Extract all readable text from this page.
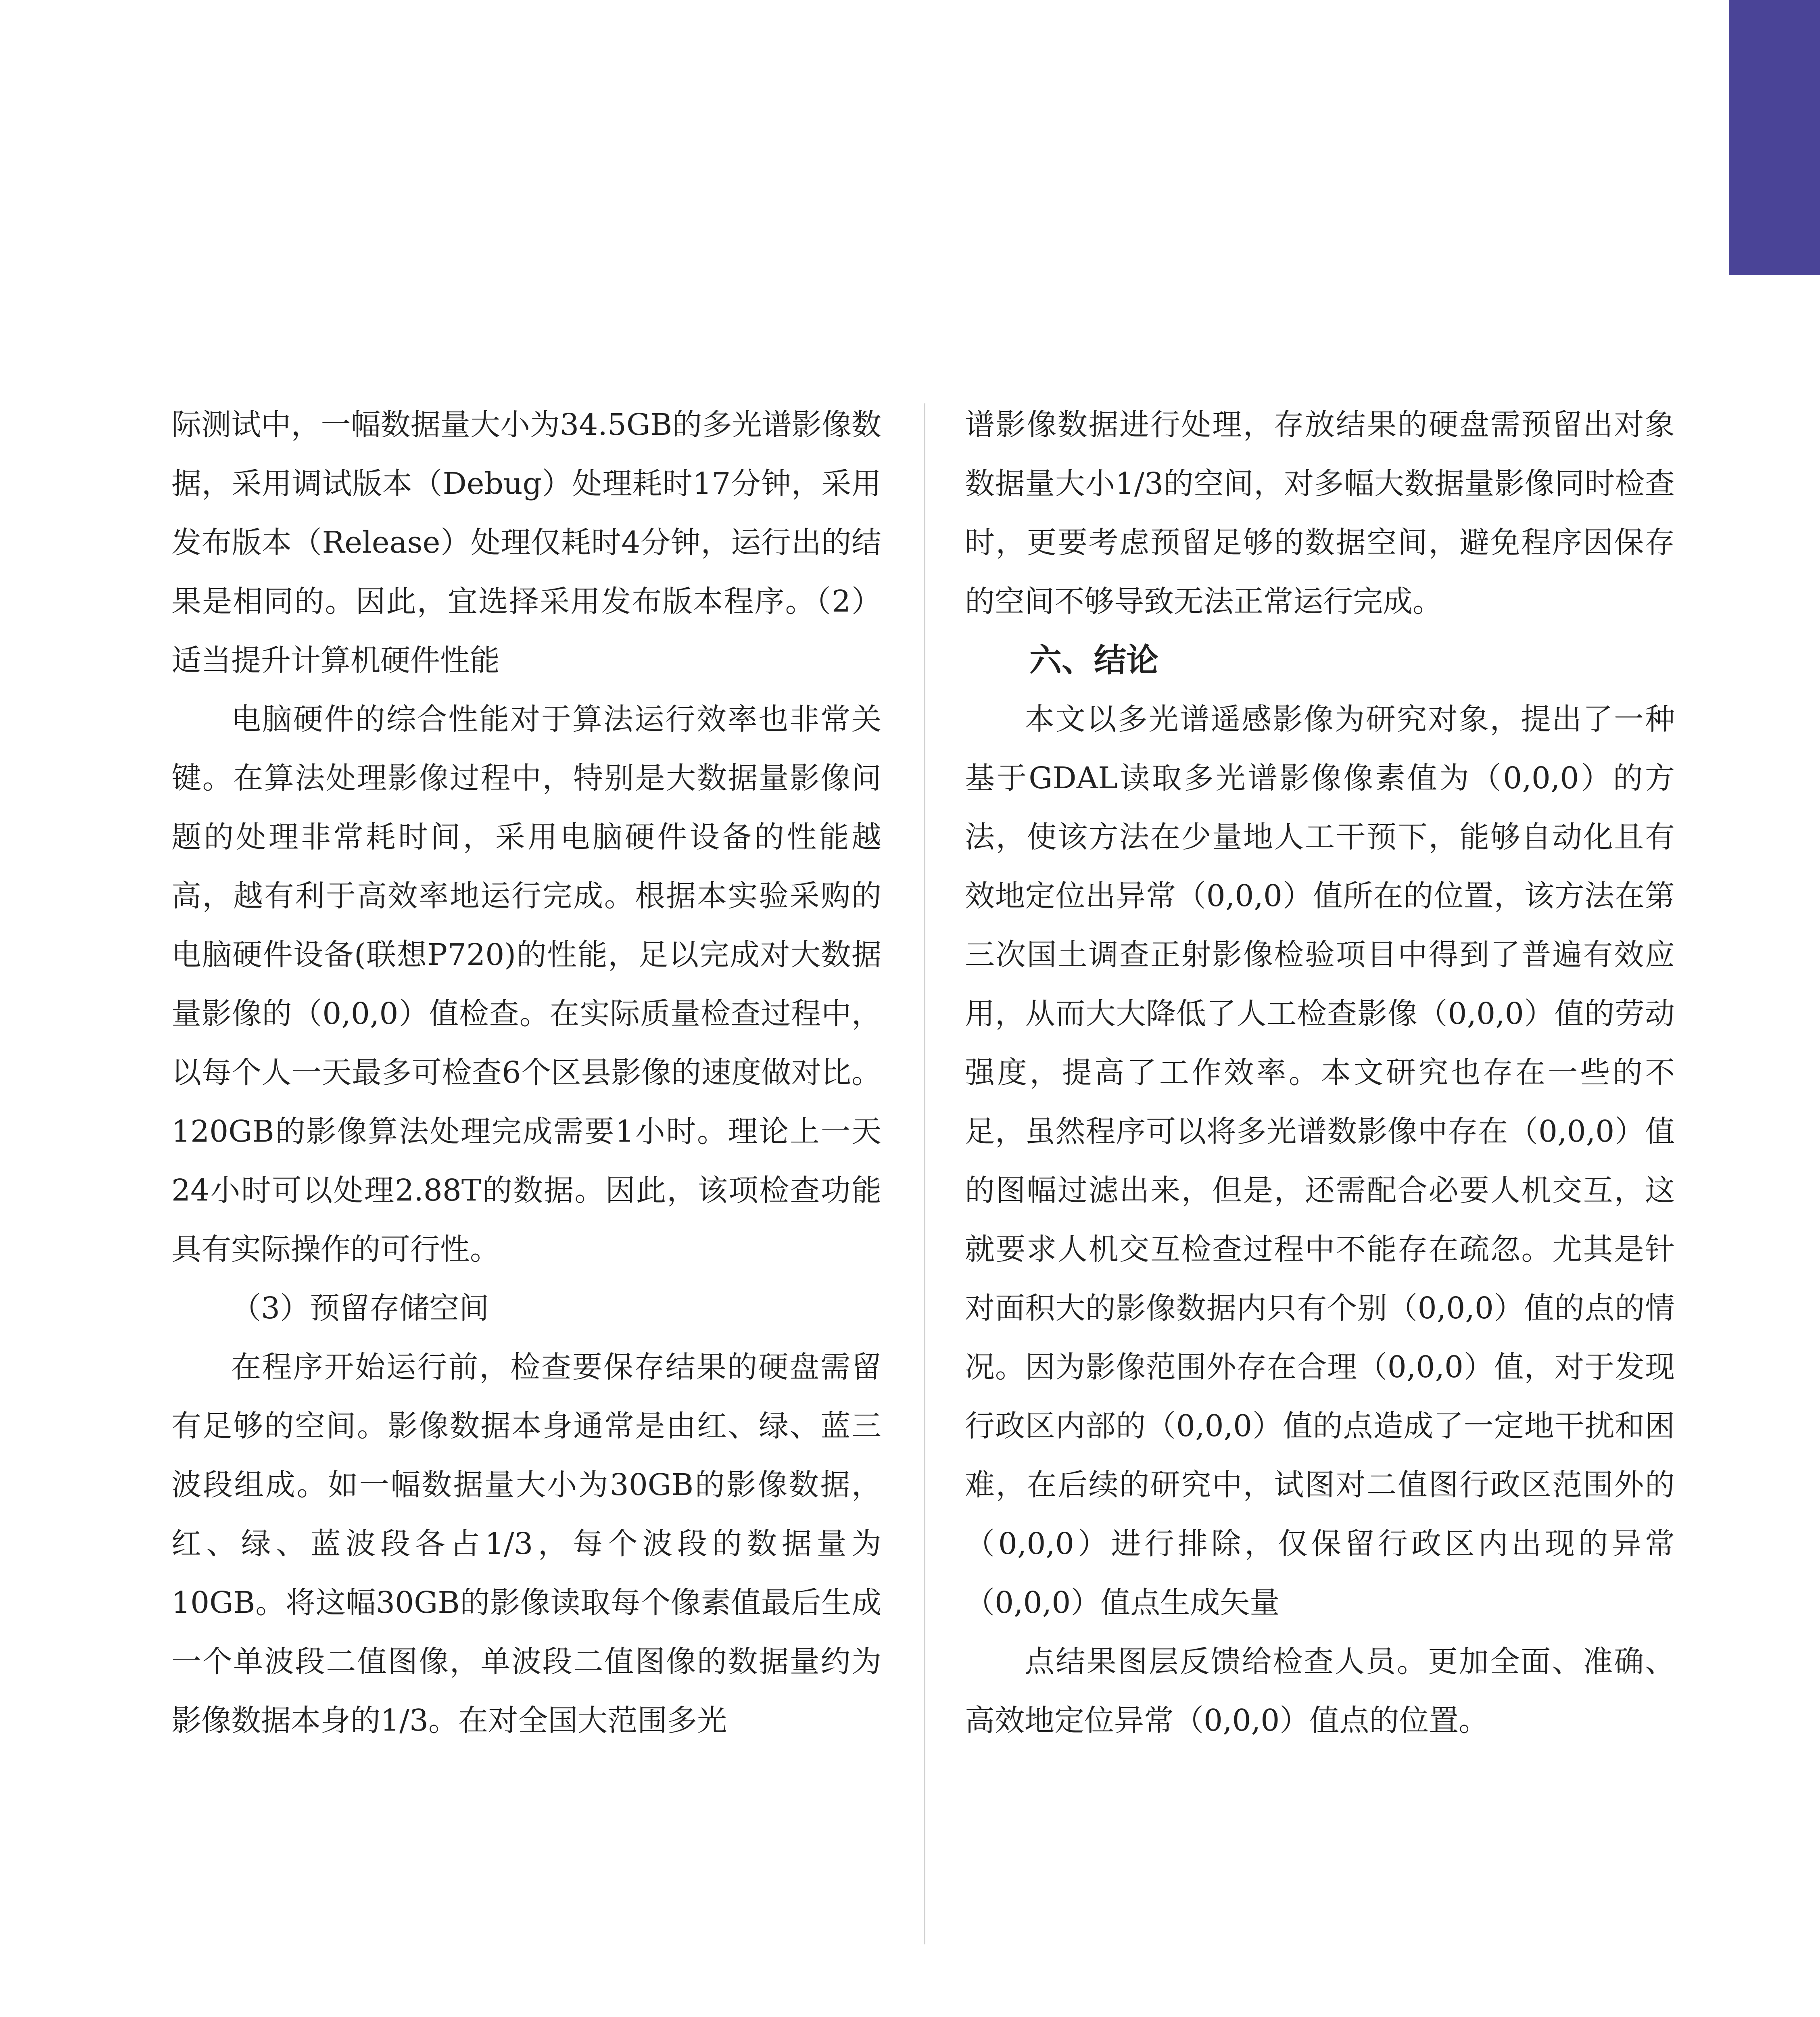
际测试中，一幅数据量大小为34.5GB的多光谱影像数据，采用调试版本（Debug）处理耗时17分钟，采用发布版本（Release）处理仅耗时4分钟，运行出的结果是相同的。因此，宜选择采用发布版本程序。（2）适当提升计算机硬件性能

电脑硬件的综合性能对于算法运行效率也非常关键。在算法处理影像过程中，特别是大数据量影像问题的处理非常耗时间，采用电脑硬件设备的性能越高，越有利于高效率地运行完成。根据本实验采购的电脑硬件设备(联想P720)的性能，足以完成对大数据量影像的（0,0,0）值检查。在实际质量检查过程中，以每个人一天最多可检查6个区县影像的速度做对比。120GB的影像算法处理完成需要1小时。理论上一天24小时可以处理2.88T的数据。因此，该项检查功能具有实际操作的可行性。

（3）预留存储空间

在程序开始运行前，检查要保存结果的硬盘需留有足够的空间。影像数据本身通常是由红、绿、蓝三波段组成。如一幅数据量大小为30GB的影像数据，红、绿、蓝波段各占1/3，每个波段的数据量为10GB。将这幅30GB的影像读取每个像素值最后生成一个单波段二值图像，单波段二值图像的数据量约为影像数据本身的1/3。在对全国大范围多光

谱影像数据进行处理，存放结果的硬盘需预留出对象数据量大小1/3的空间，对多幅大数据量影像同时检查时，更要考虑预留足够的数据空间，避免程序因保存的空间不够导致无法正常运行完成。

六、结论

本文以多光谱遥感影像为研究对象，提出了一种基于GDAL读取多光谱影像像素值为（0,0,0）的方法，使该方法在少量地人工干预下，能够自动化且有效地定位出异常（0,0,0）值所在的位置，该方法在第三次国土调查正射影像检验项目中得到了普遍有效应用，从而大大降低了人工检查影像（0,0,0）值的劳动强度，提高了工作效率。本文研究也存在一些的不足，虽然程序可以将多光谱数影像中存在（0,0,0）值的图幅过滤出来，但是，还需配合必要人机交互，这就要求人机交互检查过程中不能存在疏忽。尤其是针对面积大的影像数据内只有个别（0,0,0）值的点的情况。因为影像范围外存在合理（0,0,0）值，对于发现行政区内部的（0,0,0）值的点造成了一定地干扰和困难，在后续的研究中，试图对二值图行政区范围外的（0,0,0）进行排除，仅保留行政区内出现的异常（0,0,0）值点生成矢量

点结果图层反馈给检查人员。更加全面、准确、高效地定位异常（0,0,0）值点的位置。
